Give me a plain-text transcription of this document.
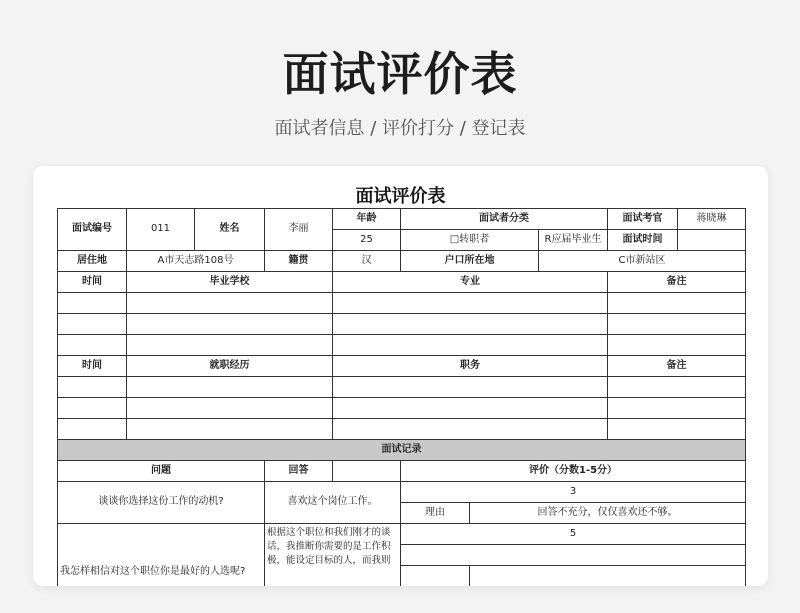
面试评价表
面试者信息 / 评价打分 / 登记表
面试评价表
面试编号	011	姓名	李丽	年龄	面试者分类			面试考官	蒋晓琳
				25	□转职者		R应届毕业生	面试时间	
居住地	A市天志路108号		籍贯	汉	户口所在地		C市新站区		
时间	毕业学校			专业				备注	

时间	就职经历			职务				备注	

面试记录									
问题			回答		评价（分数1-5分）				
谈谈你选择这份工作的动机?			喜欢这个岗位工作。		3				
					理由	回答不充分，仅仅喜欢还不够。			
我怎样相信对这个职位你是最好的人选呢?			根据这个职位和我们刚才的谈话，我推断你需要的是工作积极，能设定目标的人，而我则		5				
